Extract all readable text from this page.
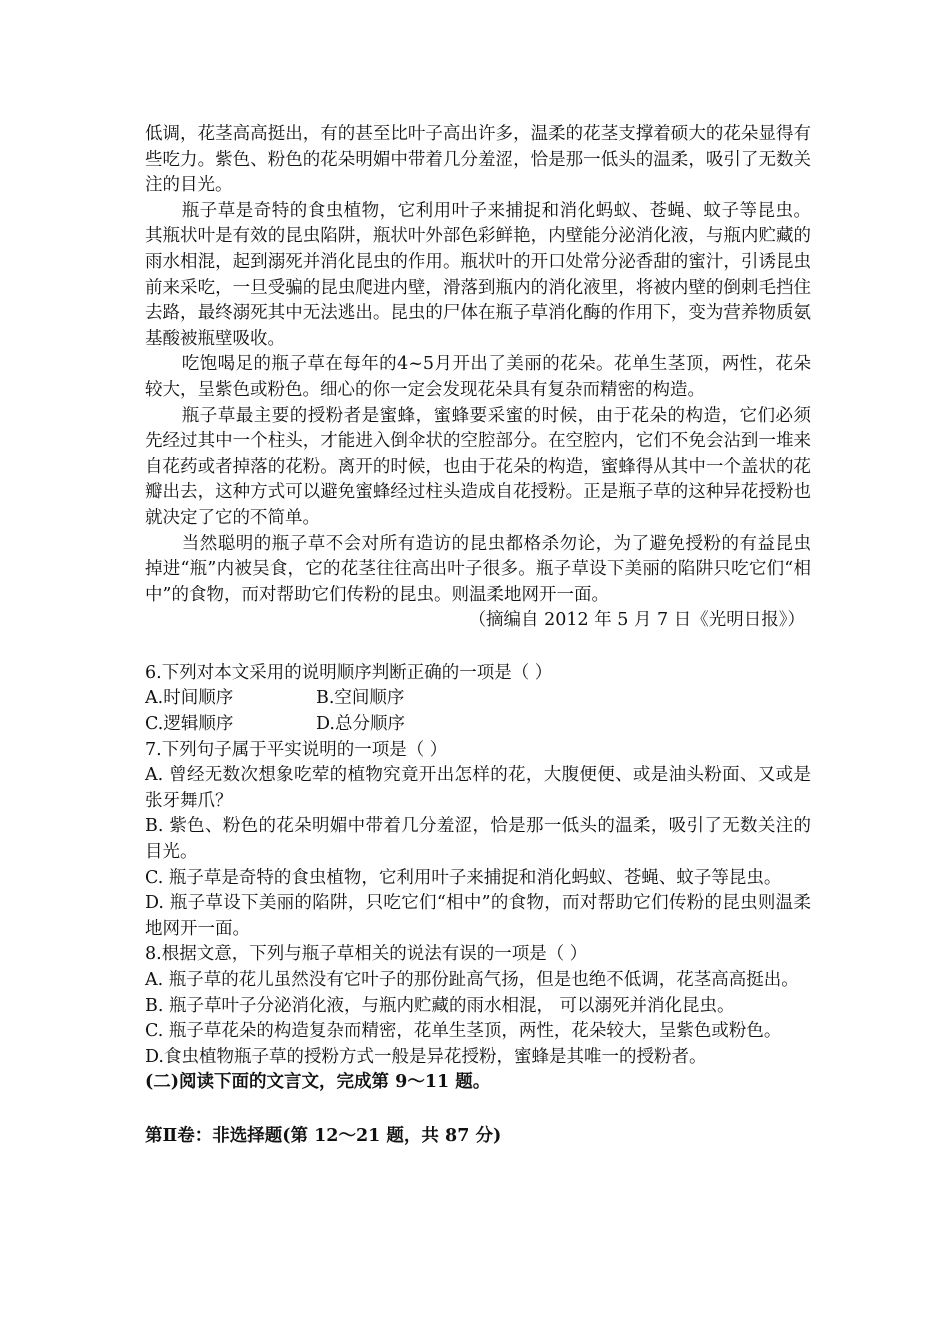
低调，花茎高高挺出，有的甚至比叶子高出许多，温柔的花茎支撑着硕大的花朵显得有些吃力。紫色、粉色的花朵明媚中带着几分羞涩，恰是那一低头的温柔，吸引了无数关注的目光。

瓶子草是奇特的食虫植物，它利用叶子来捕捉和消化蚂蚁、苍蝇、蚊子等昆虫。其瓶状叶是有效的昆虫陷阱，瓶状叶外部色彩鲜艳，内壁能分泌消化液，与瓶内贮藏的雨水相混，起到溺死并消化昆虫的作用。瓶状叶的开口处常分泌香甜的蜜汁，引诱昆虫前来采吃，一旦受骗的昆虫爬进内壁，滑落到瓶内的消化液里，将被内壁的倒刺毛挡住去路，最终溺死其中无法逃出。昆虫的尸体在瓶子草消化酶的作用下，变为营养物质氨基酸被瓶壁吸收。

吃饱喝足的瓶子草在每年的4~5月开出了美丽的花朵。花单生茎顶，两性，花朵较大，呈紫色或粉色。细心的你一定会发现花朵具有复杂而精密的构造。

瓶子草最主要的授粉者是蜜蜂，蜜蜂要采蜜的时候，由于花朵的构造，它们必须先经过其中一个柱头，才能进入倒伞状的空腔部分。在空腔内，它们不免会沾到一堆来自花药或者掉落的花粉。离开的时候，也由于花朵的构造，蜜蜂得从其中一个盖状的花瓣出去，这种方式可以避免蜜蜂经过柱头造成自花授粉。正是瓶子草的这种异花授粉也就决定了它的不简单。

当然聪明的瓶子草不会对所有造访的昆虫都格杀勿论，为了避免授粉的有益昆虫掉进“瓶”内被吴食，它的花茎往往高出叶子很多。瓶子草设下美丽的陷阱只吃它们“相中”的食物，而对帮助它们传粉的昆虫。则温柔地网开一面。

（摘编自 2012 年 5 月 7 日《光明日报》）

6.下列对本文采用的说明顺序判断正确的一项是（ ）

A.时间顺序	B.空间顺序
C.逻辑顺序	D.总分顺序

7.下列句子属于平实说明的一项是（ ）

A. 曾经无数次想象吃荤的植物究竟开出怎样的花，大腹便便、或是油头粉面、又或是张牙舞爪？

B. 紫色、粉色的花朵明媚中带着几分羞涩，恰是那一低头的温柔，吸引了无数关注的目光。

C. 瓶子草是奇特的食虫植物，它利用叶子来捕捉和消化蚂蚁、苍蝇、蚊子等昆虫。

D. 瓶子草设下美丽的陷阱，只吃它们“相中”的食物，而对帮助它们传粉的昆虫则温柔地网开一面。

8.根据文意，下列与瓶子草相关的说法有误的一项是（ ）

A. 瓶子草的花儿虽然没有它叶子的那份趾高气扬，但是也绝不低调，花茎高高挺出。

B. 瓶子草叶子分泌消化液，与瓶内贮藏的雨水相混， 可以溺死并消化昆虫。

C. 瓶子草花朵的构造复杂而精密，花单生茎顶，两性，花朵较大，呈紫色或粉色。

D.食虫植物瓶子草的授粉方式一般是异花授粉，蜜蜂是其唯一的授粉者。

(二)阅读下面的文言文，完成第 9～11 题。

第Ⅱ卷：非选择题(第 12～21 题，共 87 分)
